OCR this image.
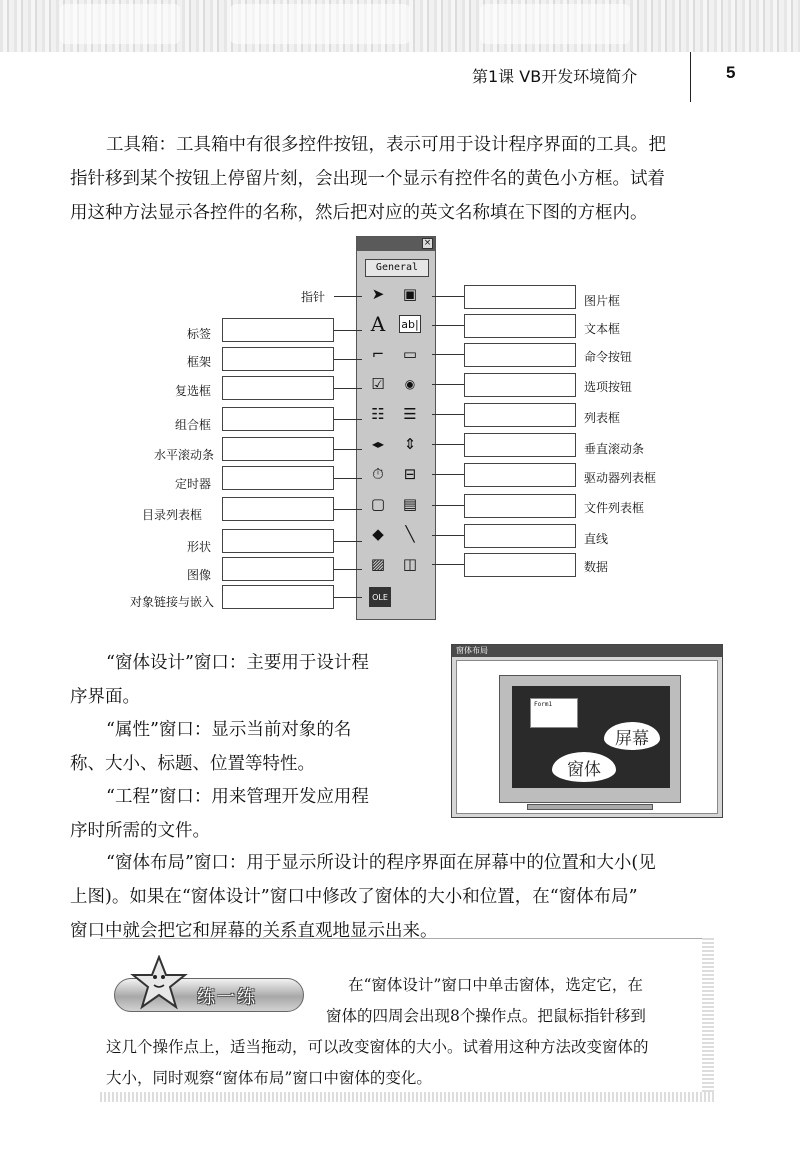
第1课 VB开发环境简介	5
工具箱：工具箱中有很多控件按钮，表示可用于设计程序界面的工具。把
指针移到某个按钮上停留片刻，会出现一个显示有控件名的黄色小方框。试着
用这种方法显示各控件的名称，然后把对应的英文名称填在下图的方框内。
×
General
➤	▣
A	ab|
⌐	▭
☑	◉
☷	☰
◂▸	⇕
⏱	⊟
▢	▤
◆	╲
▨	◫
OLE
指针
标签
框架
复选框
组合框
水平滚动条
定时器
目录列表框
形状
图像
对象链接与嵌入
图片框
文本框
命令按钮
选项按钮
列表框
垂直滚动条
驱动器列表框
文件列表框
直线
数据
“窗体设计”窗口：主要用于设计程
序界面。
“属性”窗口：显示当前对象的名
称、大小、标题、位置等特性。
“工程”窗口：用来管理开发应用程
序时所需的文件。
窗体布局
Form1
屏幕
窗体
“窗体布局”窗口：用于显示所设计的程序界面在屏幕中的位置和大小(见
上图)。如果在“窗体设计”窗口中修改了窗体的大小和位置，在“窗体布局”
窗口中就会把它和屏幕的关系直观地显示出来。
练一练
在“窗体设计”窗口中单击窗体，选定它，在
窗体的四周会出现8个操作点。把鼠标指针移到
这几个操作点上，适当拖动，可以改变窗体的大小。试着用这种方法改变窗体的
大小，同时观察“窗体布局”窗口中窗体的变化。
